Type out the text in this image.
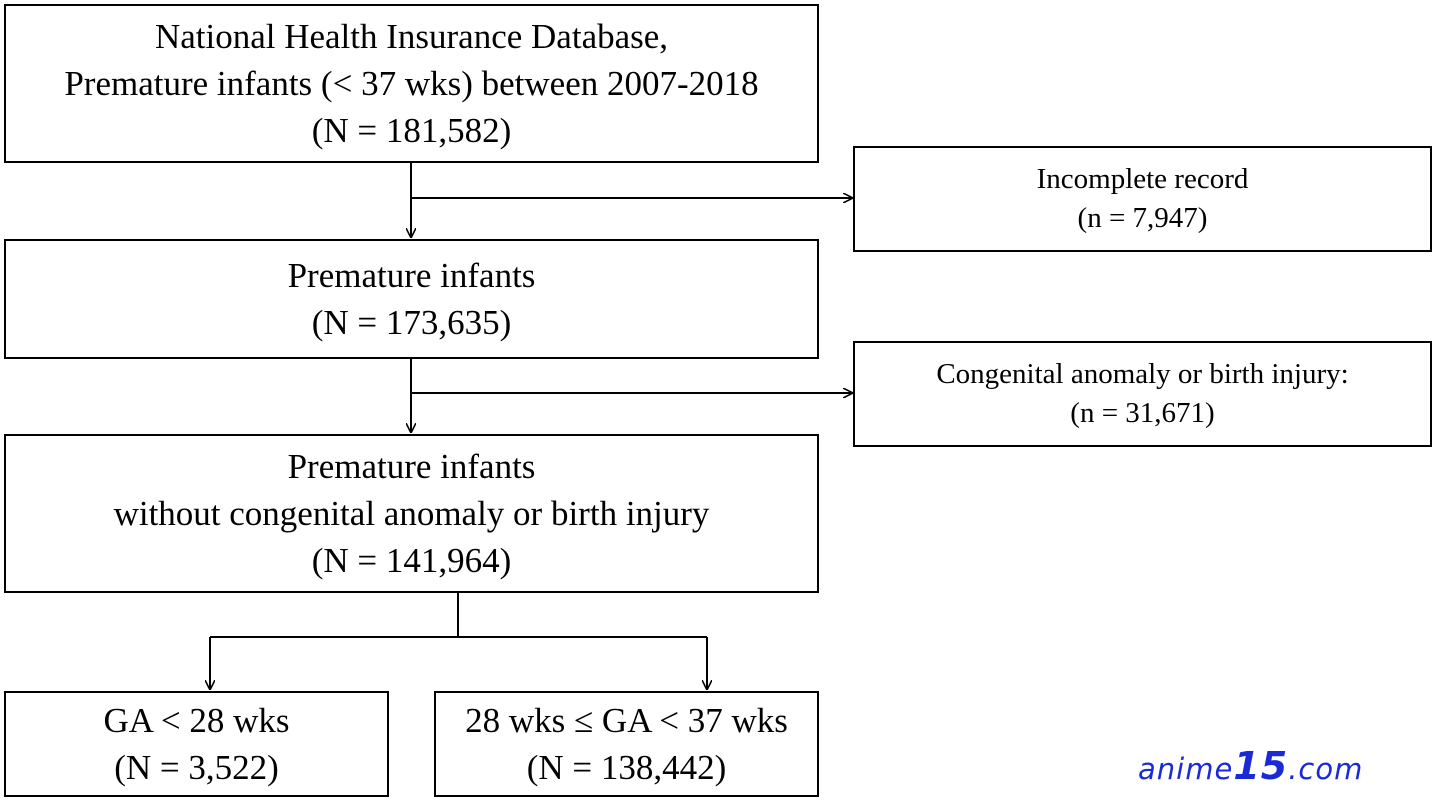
National Health Insurance Database,
Premature infants (< 37 wks) between 2007-2018
(N = 181,582)
Incomplete record
(n = 7,947)
Premature infants
(N = 173,635)
Congenital anomaly or birth injury:
(n = 31,671)
Premature infants
without congenital anomaly or birth injury
(N = 141,964)
GA < 28 wks
(N = 3,522)
28 wks ≤ GA < 37 wks
(N = 138,442)	anime15.com
